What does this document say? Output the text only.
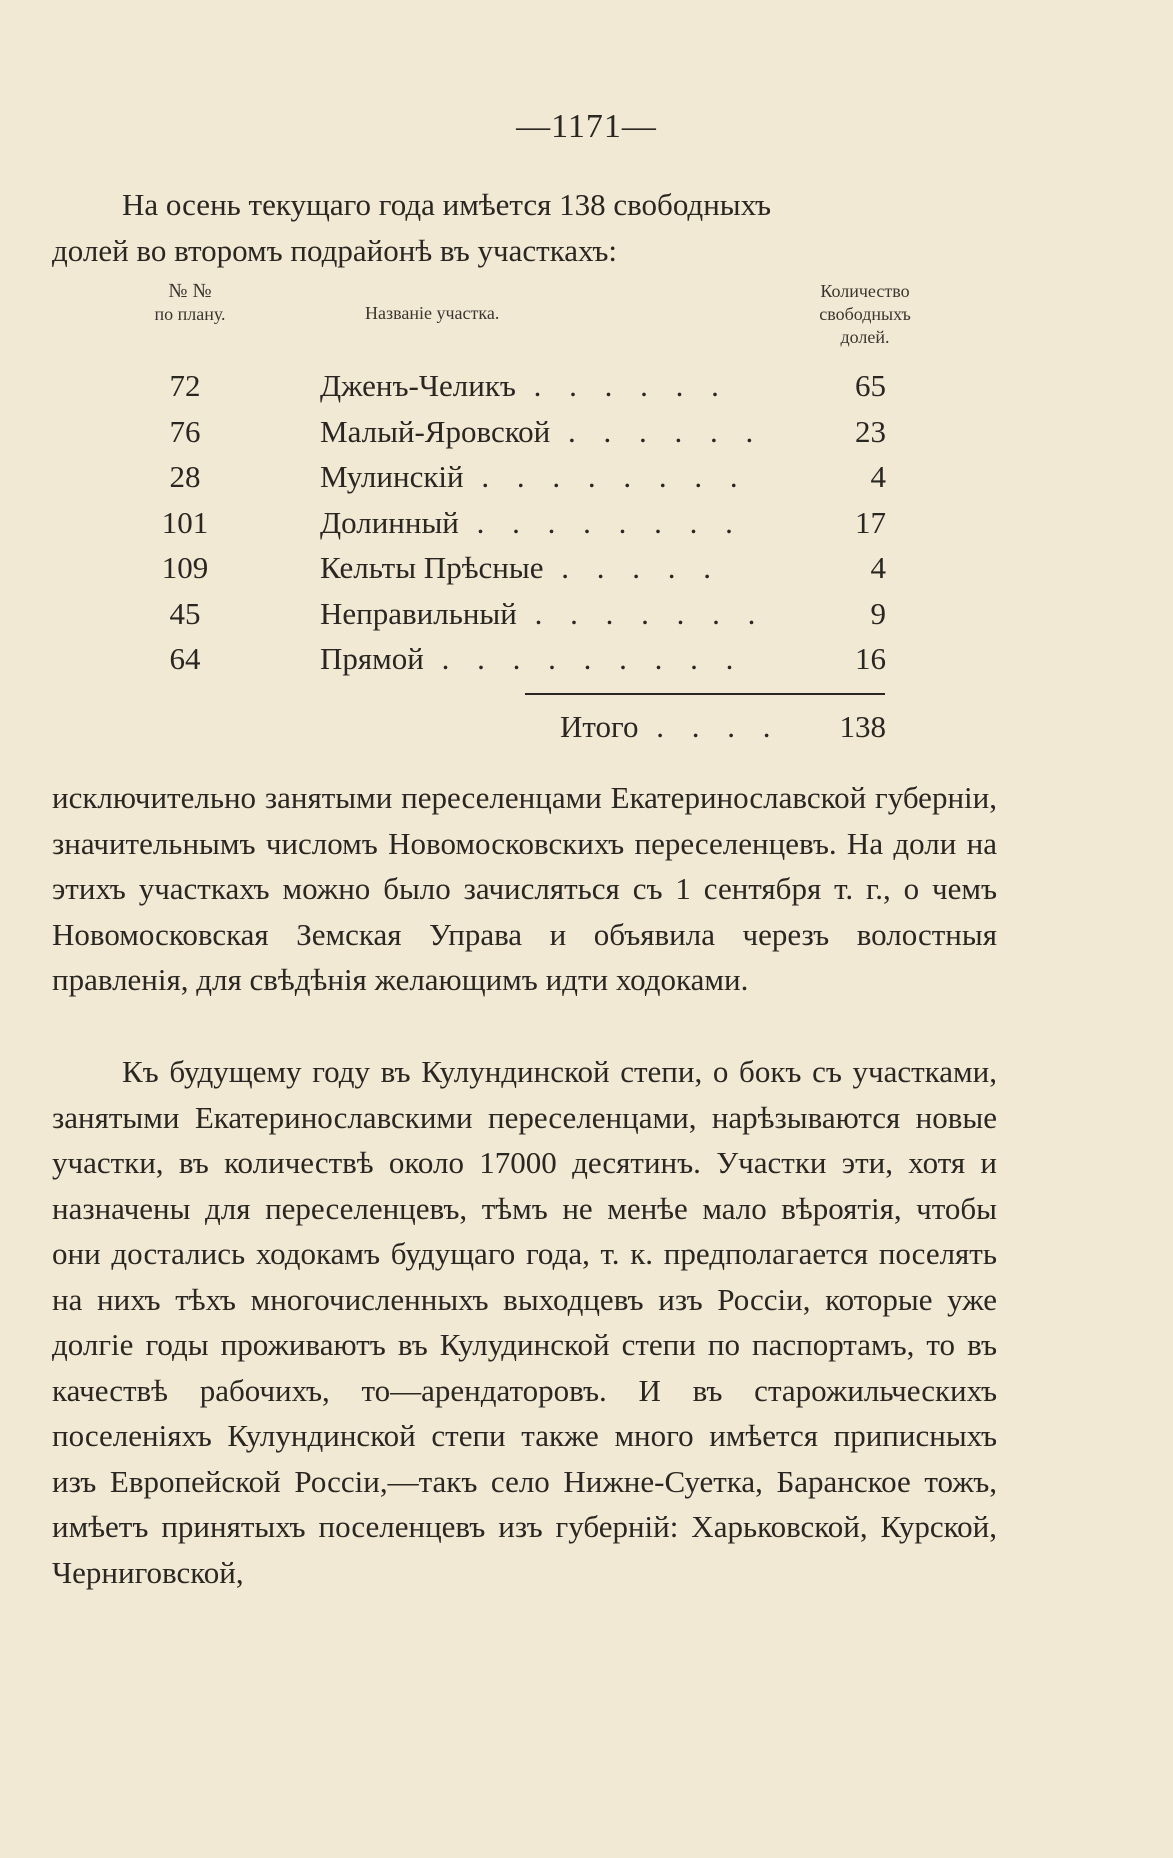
—1171—
На осень текущаго года имѣется 138 свободныхъ
долей во второмъ подрайонѣ въ участкахъ:
№ №
по плану.	Названіе участка.
Количество
свободныхъ
долей.
72	Дженъ-Челикъ . . . . . .	65
76	Малый-Яровской . . . . . .	23
28	Мулинскій . . . . . . . .	4
101	Долинный . . . . . . . .	17
109	Кельты Прѣсные . . . . .	4
45	Неправильный . . . . . . .	9
64	Прямой . . . . . . . . .	16
Итого . . . .	138
исключительно занятыми переселенцами Екатеринославской губерніи, значительнымъ числомъ Новомосковскихъ переселенцевъ. На доли на этихъ участкахъ можно было зачисляться съ 1 сентября т. г., о чемъ Новомосковская Земская Управа и объявила черезъ волостныя правленія, для свѣдѣнія желающимъ идти ходоками.
Къ будущему году въ Кулундинской степи, о бокъ съ участками, занятыми Екатеринославскими переселенцами, нарѣзываются новые участки, въ количествѣ около 17000 десятинъ. Участки эти, хотя и назначены для переселенцевъ, тѣмъ не менѣе мало вѣроятія, чтобы они достались ходокамъ будущаго года, т. к. предполагается поселять на нихъ тѣхъ многочисленныхъ выходцевъ изъ Россіи, которые уже долгіе годы проживаютъ въ Кулудинской степи по паспортамъ, то въ качествѣ рабочихъ, то—арендаторовъ. И въ старожильческихъ поселеніяхъ Кулундинской степи также много имѣется приписныхъ изъ Европейской Россіи,—такъ село Нижне-Суетка, Баранское тожъ, имѣетъ принятыхъ поселенцевъ изъ губерній: Харьковской, Курской, Черниговской,
